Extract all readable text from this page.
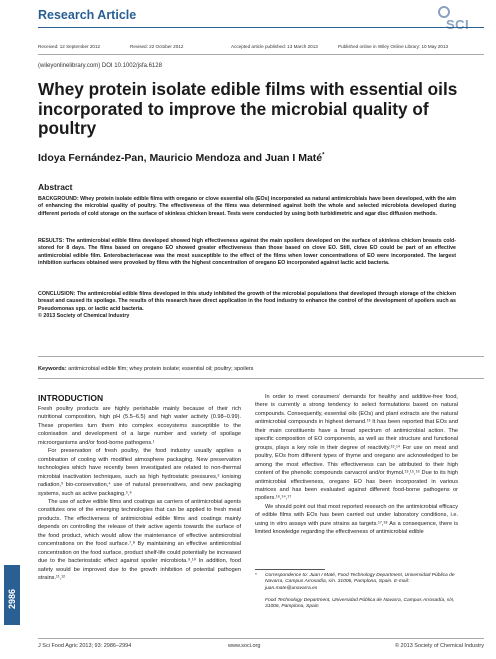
Research Article
SCI
Received: 12 September 2012	Revised: 22 October 2012	Accepted article published: 13 March 2013	Published online in Wiley Online Library: 10 May 2013
(wileyonlinelibrary.com) DOI 10.1002/jsfa.6128
Whey protein isolate edible films with essential oils incorporated to improve the microbial quality of poultry
Idoya Fernández-Pan, Mauricio Mendoza and Juan I Maté*
Abstract
BACKGROUND: Whey protein isolate edible films with oregano or clove essential oils (EOs) incorporated as natural antimicrobials have been developed, with the aim of enhancing the microbial quality of poultry. The effectiveness of the films was determined against both the whole and selected microbiota developed during different periods of cold storage on the surface of skinless chicken breast. Tests were conducted by using both turbidimetric and agar disc diffusion methods.
RESULTS: The antimicrobial edible films developed showed high effectiveness against the main spoilers developed on the surface of skinless chicken breasts cold-stored for 8 days. The films based on oregano EO showed greater effectiveness than those based on clove EO. Still, clove EO could be part of an effective antimicrobial edible film. Enterobacteriaceae was the most susceptible to the effect of the films when lower concentrations of EO were incorporated. The largest inhibition surfaces obtained were provoked by films with the highest concentration of oregano EO incorporated against lactic acid bacteria.
CONCLUSION: The antimicrobial edible films developed in this study inhibited the growth of the microbial populations that developed through storage of the chicken breast and caused its spoilage. The results of this research have direct application in the food industry to enhance the control of the development of spoilers such as Pseudomonas spp. or lactic acid bacteria.
© 2013 Society of Chemical Industry
Keywords: antimicrobial edible film; whey protein isolate; essential oil; poultry; spoilers
INTRODUCTION

Fresh poultry products are highly perishable mainly because of their rich nutritional composition, high pH (5.5–6.5) and high water activity (0.98–0.99). These properties turn them into complex ecosystems susceptible to the colonisation and development of a large number and variety of spoilage microorganisms and/or food-borne pathogens.¹

For preservation of fresh poultry, the food industry usually applies a combination of cooling with modified atmosphere packaging. New preservation technologies which have recently been investigated are related to non-thermal microbial inactivation techniques, such as high hydrostatic pressures,² ionising radiation,³ bio-conservation,⁴ use of natural preservatives, and new packaging systems, such as active packaging.⁵,⁶

The use of active edible films and coatings as carriers of antimicrobial agents constitutes one of the emerging technologies that can be applied to fresh meat products. The effectiveness of antimicrobial edible films and coatings mainly depends on controlling the release of their active agents towards the surface of the food product, which would allow the maintenance of effective antimicrobial concentrations on the food surface.⁷,⁸ By maintaining an effective antimicrobial concentration on the food surface, product shelf-life could potentially be increased due to the bacteriostatic effect against spoiler microbiota.⁹,¹⁰ In addition, food safety would be improved due to the growth inhibition of potential pathogen strains.¹¹,¹²

In order to meet consumers' demands for healthy and additive-free food, there is currently a strong tendency to select formulations based on natural compounds. Consequently, essential oils (EOs) and plant extracts are the natural antimicrobial compounds in highest demand.¹³ It has been reported that EOs and their main constituents have a broad spectrum of antimicrobial action. The specific composition of EO components, as well as their structure and functional groups, plays a key role in their degree of reactivity.¹³,¹⁴ For use on meat and poultry, EOs from different types of thyme and oregano are acknowledged to be among the most effective. This effectiveness can be attributed to their high content of the phenolic compounds carvacrol and/or thymol.¹³,¹⁵,¹⁶ Due to its high antimicrobial effectiveness, oregano EO has been incorporated in various matrices and has been evaluated against different food-borne pathogens or spoilers.¹⁶,¹⁴,¹⁷

We should point out that most reported research on the antimicrobial efficacy of edible films with EOs has been carried out under laboratory conditions, i.e. using in vitro assays with pure strains as targets.¹⁷,¹⁸ As a consequence, there is limited knowledge regarding the effectiveness of antimicrobial edible

* Correspondence to: Juan I Maté, Food Technology Department, Universidad Pública de Navarra, Campus Arrosadía, s/n. 31006, Pamplona, Spain. E-mail: juan.mate@unavarra.es
Food Technology Department, Universidad Pública de Navarra, Campus Arrosadía, s/n, 31006, Pamplona, Spain
2986
J Sci Food Agric 2013; 93: 2986–2994	www.soci.org	© 2013 Society of Chemical Industry
